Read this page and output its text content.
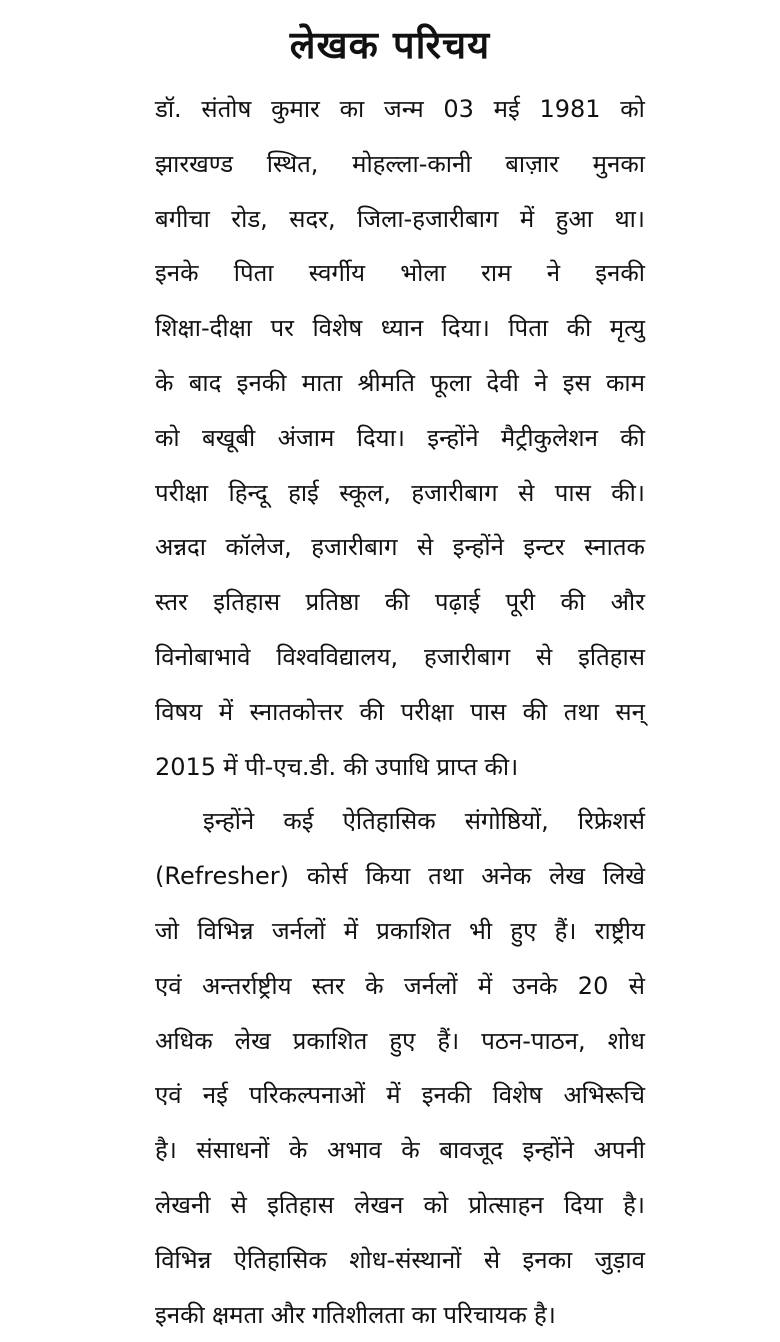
लेखक परिचय
डॉ. संतोष कुमार का जन्म 03 मई 1981 को
झारखण्ड स्थित, मोहल्ला-कानी बाज़ार मुनका
बगीचा रोड, सदर, जिला-हजारीबाग में हुआ था।
इनके पिता स्वर्गीय भोला राम ने इनकी
शिक्षा-दीक्षा पर विशेष ध्यान दिया। पिता की मृत्यु
के बाद इनकी माता श्रीमति फूला देवी ने इस काम
को बखूबी अंजाम दिया। इन्होंने मैट्रीकुलेशन की
परीक्षा हिन्दू हाई स्कूल, हजारीबाग से पास की।
अन्नदा कॉलेज, हजारीबाग से इन्होंने इन्टर स्नातक
स्तर इतिहास प्रतिष्ठा की पढ़ाई पूरी की और
विनोबाभावे विश्वविद्यालय, हजारीबाग से इतिहास
विषय में स्नातकोत्तर की परीक्षा पास की तथा सन्
2015 में पी-एच.डी. की उपाधि प्राप्त की।
इन्होंने कई ऐतिहासिक संगोष्ठियों, रिफ्रेशर्स
(Refresher) कोर्स किया तथा अनेक लेख लिखे
जो विभिन्न जर्नलों में प्रकाशित भी हुए हैं। राष्ट्रीय
एवं अन्तर्राष्ट्रीय स्तर के जर्नलों में उनके 20 से
अधिक लेख प्रकाशित हुए हैं। पठन-पाठन, शोध
एवं नई परिकल्पनाओं में इनकी विशेष अभिरूचि
है। संसाधनों के अभाव के बावजूद इन्होंने अपनी
लेखनी से इतिहास लेखन को प्रोत्साहन दिया है।
विभिन्न ऐतिहासिक शोध-संस्थानों से इनका जुड़ाव
इनकी क्षमता और गतिशीलता का परिचायक है।
